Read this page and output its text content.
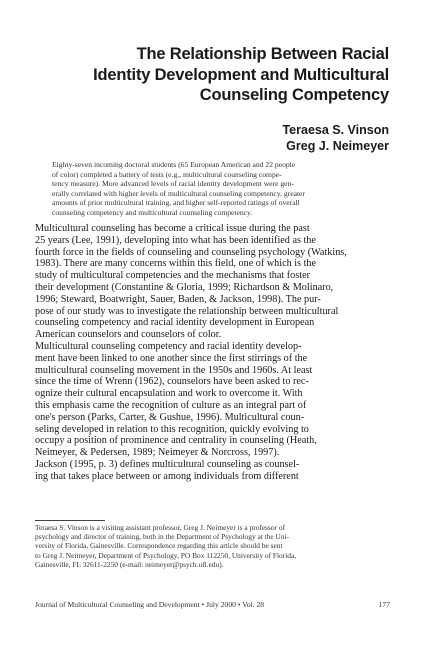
The Relationship Between Racial
Identity Development and Multicultural
Counseling Competency
Teraesa S. Vinson
Greg J. Neimeyer
Eighty-seven incoming doctoral students (65 European American and 22 people
of color) completed a battery of tests (e.g., multicultural counseling compe-
tency measure). More advanced levels of racial identity development were gen-
erally correlated with higher levels of multicultural counseling competency, greater
amounts of prior multicultural training, and higher self-reported ratings of overall
counseling competency and multicultural counseling competency.
Multicultural counseling has become a critical issue during the past
25 years (Lee, 1991), developing into what has been identified as the
fourth force in the fields of counseling and counseling psychology (Watkins,
1983). There are many concerns within this field, one of which is the
study of multicultural competencies and the mechanisms that foster
their development (Constantine & Gloria, 1999; Richardson & Molinaro,
1996; Steward, Boatwright, Sauer, Baden, & Jackson, 1998). The pur-
pose of our study was to investigate the relationship between multicultural
counseling competency and racial identity development in European
American counselors and counselors of color.
Multicultural counseling competency and racial identity develop-
ment have been linked to one another since the first stirrings of the
multicultural counseling movement in the 1950s and 1960s. At least
since the time of Wrenn (1962), counselors have been asked to rec-
ognize their cultural encapsulation and work to overcome it. With
this emphasis came the recognition of culture as an integral part of
one's person (Parks, Carter, & Gushue, 1996). Multicultural coun-
seling developed in relation to this recognition, quickly evolving to
occupy a position of prominence and centrality in counseling (Heath,
Neimeyer, & Pedersen, 1989; Neimeyer & Norcross, 1997).
Jackson (1995, p. 3) defines multicultural counseling as counsel-
ing that takes place between or among individuals from different
Teraesa S. Vinson is a visiting assistant professor, Greg J. Neimeyer is a professor of
psychology and director of training, both in the Department of Psychology at the Uni-
versity of Florida, Gainesville. Correspondence regarding this article should be sent
to Greg J. Neimeyer, Department of Psychology, PO Box 112250, University of Florida,
Gainesville, FL 32611-2250 (e-mail: neimeyer@psych.ufl.edu).
Journal of Multicultural Counseling and Development • July 2000 • Vol. 28	177
